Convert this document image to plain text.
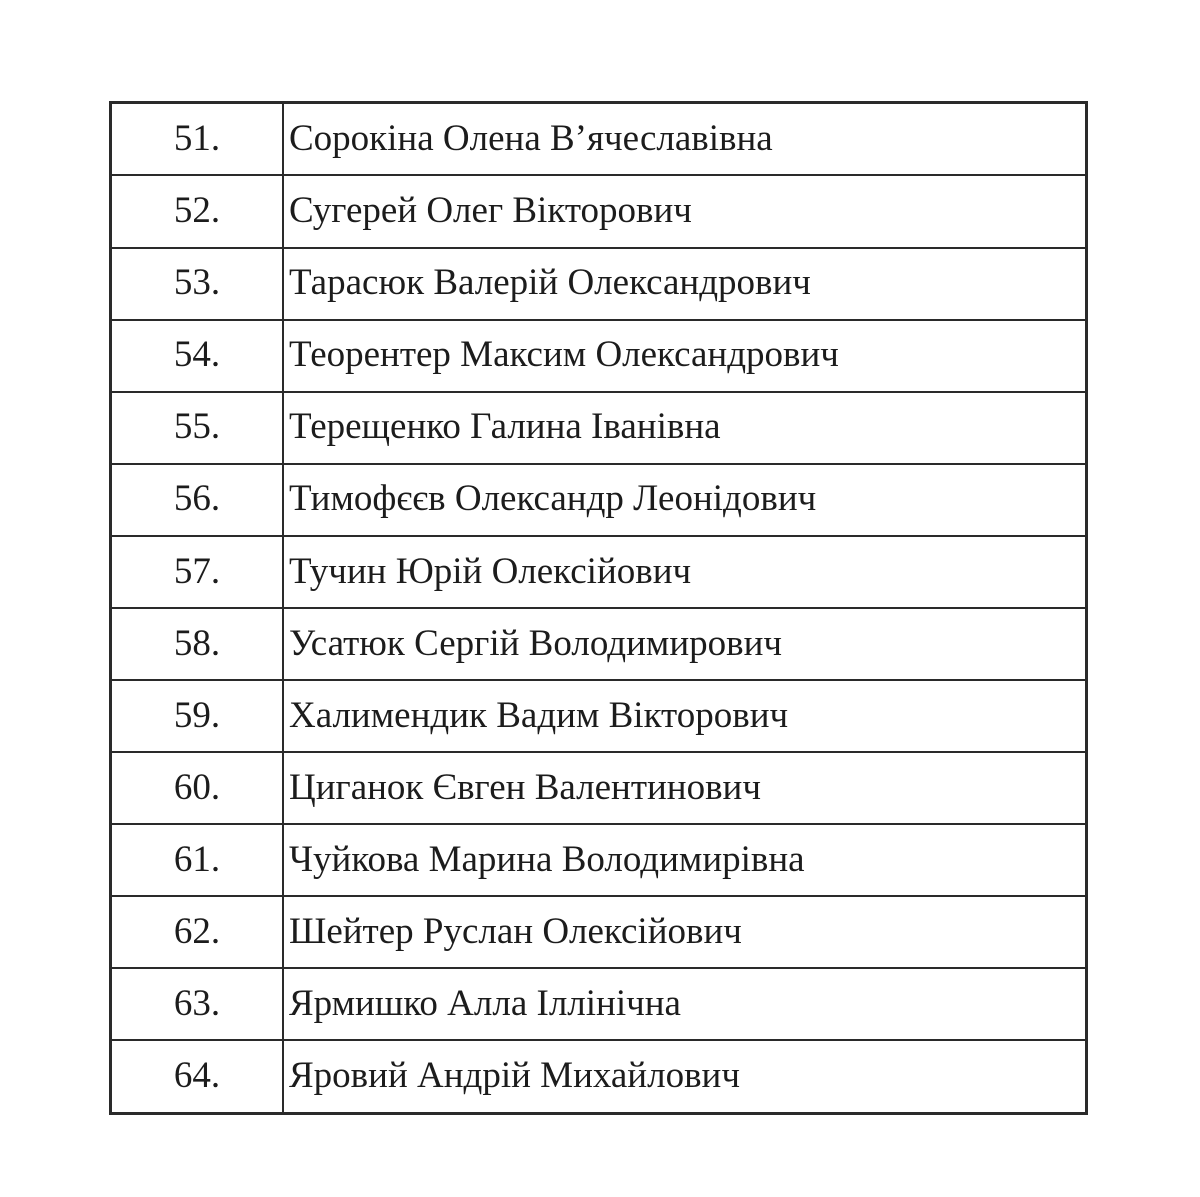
51.	Сорокіна Олена В’ячеславівна
52.	Сугерей Олег Вікторович
53.	Тарасюк Валерій Олександрович
54.	Теорентер Максим Олександрович
55.	Терещенко Галина Іванівна
56.	Тимофєєв Олександр Леонідович
57.	Тучин Юрій Олексійович
58.	Усатюк Сергій Володимирович
59.	Халимендик Вадим Вікторович
60.	Циганок Євген Валентинович
61.	Чуйкова Марина Володимирівна
62.	Шейтер Руслан Олексійович
63.	Ярмишко Алла Іллінічна
64.	Яровий Андрій Михайлович
